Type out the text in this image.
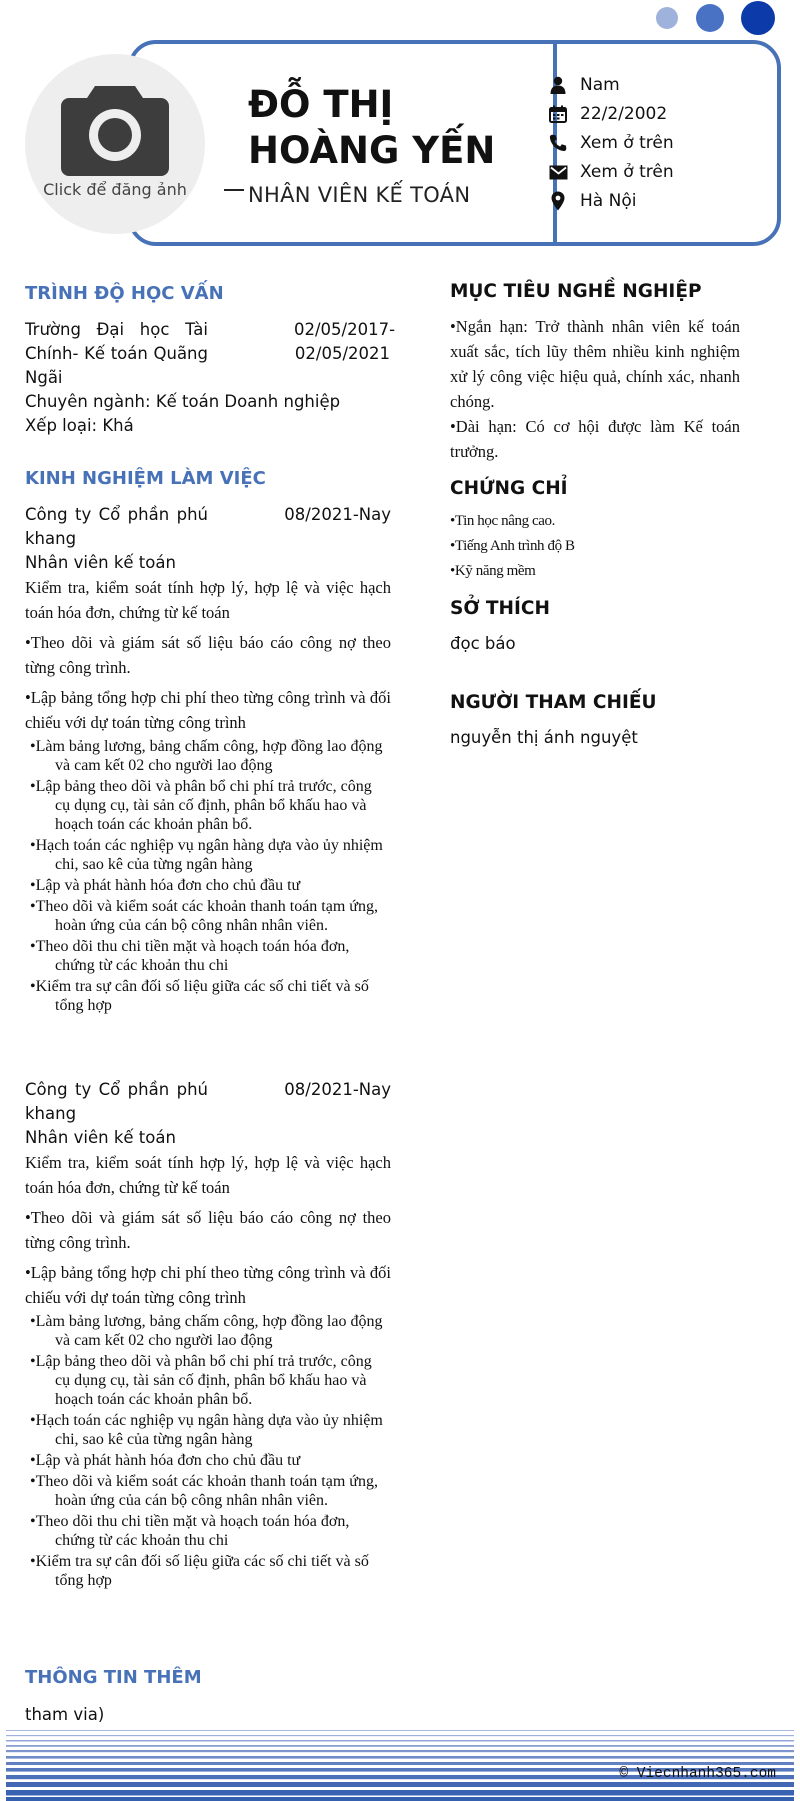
Click để đăng ảnh
ĐỖ THỊ HOÀNG YẾN
NHÂN VIÊN KẾ TOÁN
Nam
22/2/2002
Xem ở trên
Xem ở trên
Hà Nội
TRÌNH ĐỘ HỌC VẤN
Trường Đại học Tài Chính- Kế toán Quãng Ngãi
02/05/2017- 02/05/2021
Chuyên ngành: Kế toán Doanh nghiệp
Xếp loại: Khá
KINH NGHIỆM LÀM VIỆC
Công ty Cổ phần phú khang
08/2021-Nay
Nhân viên kế toán
Kiểm tra, kiểm soát tính hợp lý, hợp lệ và việc hạch toán hóa đơn, chứng từ kế toán
•Theo dõi và giám sát số liệu báo cáo công nợ theo từng công trình.
•Lập bảng tổng hợp chi phí theo từng công trình và đối chiếu với dự toán từng công trình
•Làm bảng lương, bảng chấm công, hợp đồng lao động và cam kết 02 cho người lao động
•Lập bảng theo dõi và phân bổ chi phí trả trước, công cụ dụng cụ, tài sản cố định, phân bổ khấu hao và hoạch toán các khoản phân bổ.
•Hạch toán các nghiệp vụ ngân hàng dựa vào ủy nhiệm chi, sao kê của từng ngân hàng
•Lập và phát hành hóa đơn cho chủ đầu tư
•Theo dõi và kiểm soát các khoản thanh toán tạm ứng, hoàn ứng của cán bộ công nhân nhân viên.
•Theo dõi thu chi tiền mặt và hoạch toán hóa đơn, chứng từ các khoản thu chi
•Kiểm tra sự cân đối số liệu giữa các số chi tiết và số tổng hợp
Công ty Cổ phần phú khang
08/2021-Nay
Nhân viên kế toán
Kiểm tra, kiểm soát tính hợp lý, hợp lệ và việc hạch toán hóa đơn, chứng từ kế toán
•Theo dõi và giám sát số liệu báo cáo công nợ theo từng công trình.
•Lập bảng tổng hợp chi phí theo từng công trình và đối chiếu với dự toán từng công trình
•Làm bảng lương, bảng chấm công, hợp đồng lao động và cam kết 02 cho người lao động
•Lập bảng theo dõi và phân bổ chi phí trả trước, công cụ dụng cụ, tài sản cố định, phân bổ khấu hao và hoạch toán các khoản phân bổ.
•Hạch toán các nghiệp vụ ngân hàng dựa vào ủy nhiệm chi, sao kê của từng ngân hàng
•Lập và phát hành hóa đơn cho chủ đầu tư
•Theo dõi và kiểm soát các khoản thanh toán tạm ứng, hoàn ứng của cán bộ công nhân nhân viên.
•Theo dõi thu chi tiền mặt và hoạch toán hóa đơn, chứng từ các khoản thu chi
•Kiểm tra sự cân đối số liệu giữa các số chi tiết và số tổng hợp
THÔNG TIN THÊM
tham via)
MỤC TIÊU NGHỀ NGHIỆP
•Ngắn hạn: Trở thành nhân viên kế toán xuất sắc, tích lũy thêm nhiều kinh nghiệm xử lý công việc hiệu quả, chính xác, nhanh chóng.
•Dài hạn: Có cơ hội được làm Kế toán trưởng.
CHỨNG CHỈ
•Tin học nâng cao.
•Tiếng Anh trình độ B
•Kỹ năng mềm
SỞ THÍCH
đọc báo
NGƯỜI THAM CHIẾU
nguyễn thị ánh nguyệt
© Viecnhanh365.com
